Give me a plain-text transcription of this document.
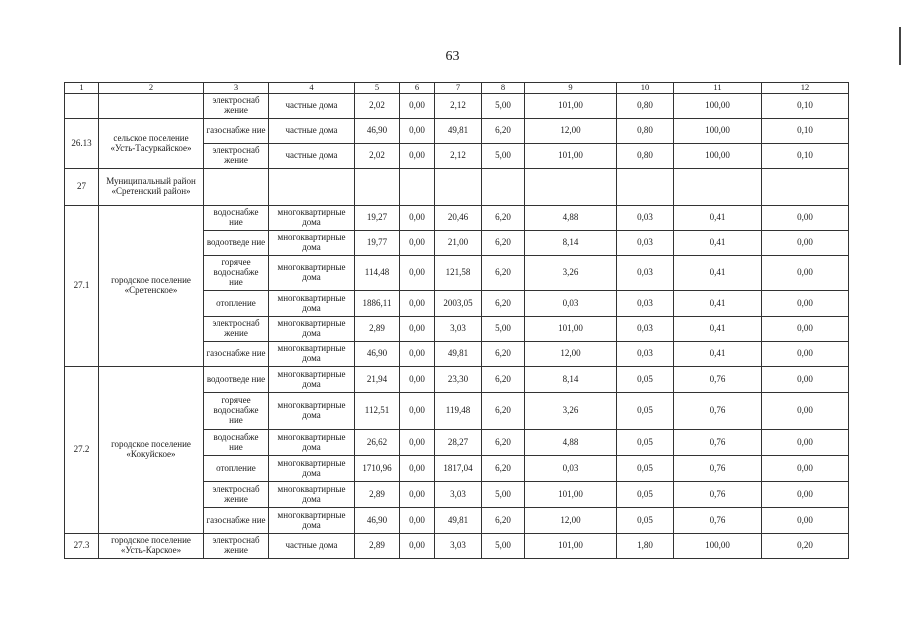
63
1	2	3	4	5	6	7	8	9	10	11	12
		электроснаб жение	частные дома	2,02	0,00	2,12	5,00	101,00	0,80	100,00	0,10
26.13	сельское поселение «Усть-Тасуркайское»	газоснабже ние	частные дома	46,90	0,00	49,81	6,20	12,00	0,80	100,00	0,10
		электроснаб жение	частные дома	2,02	0,00	2,12	5,00	101,00	0,80	100,00	0,10
27	Муниципальный район «Сретенский район»										
27.1	городское поселение «Сретенское»	водоснабже ние	многоквартирные дома	19,27	0,00	20,46	6,20	4,88	0,03	0,41	0,00
		водоотведе ние	многоквартирные дома	19,77	0,00	21,00	6,20	8,14	0,03	0,41	0,00
		горячее водоснабже ние	многоквартирные дома	114,48	0,00	121,58	6,20	3,26	0,03	0,41	0,00
		отопление	многоквартирные дома	1886,11	0,00	2003,05	6,20	0,03	0,03	0,41	0,00
		электроснаб жение	многоквартирные дома	2,89	0,00	3,03	5,00	101,00	0,03	0,41	0,00
		газоснабже ние	многоквартирные дома	46,90	0,00	49,81	6,20	12,00	0,03	0,41	0,00
27.2	городское поселение «Кокуйское»	водоотведе ние	многоквартирные дома	21,94	0,00	23,30	6,20	8,14	0,05	0,76	0,00
		горячее водоснабже ние	многоквартирные дома	112,51	0,00	119,48	6,20	3,26	0,05	0,76	0,00
		водоснабже ние	многоквартирные дома	26,62	0,00	28,27	6,20	4,88	0,05	0,76	0,00
		отопление	многоквартирные дома	1710,96	0,00	1817,04	6,20	0,03	0,05	0,76	0,00
		электроснаб жение	многоквартирные дома	2,89	0,00	3,03	5,00	101,00	0,05	0,76	0,00
		газоснабже ние	многоквартирные дома	46,90	0,00	49,81	6,20	12,00	0,05	0,76	0,00
27.3	городское поселение «Усть-Карское»	электроснаб жение	частные дома	2,89	0,00	3,03	5,00	101,00	1,80	100,00	0,20
